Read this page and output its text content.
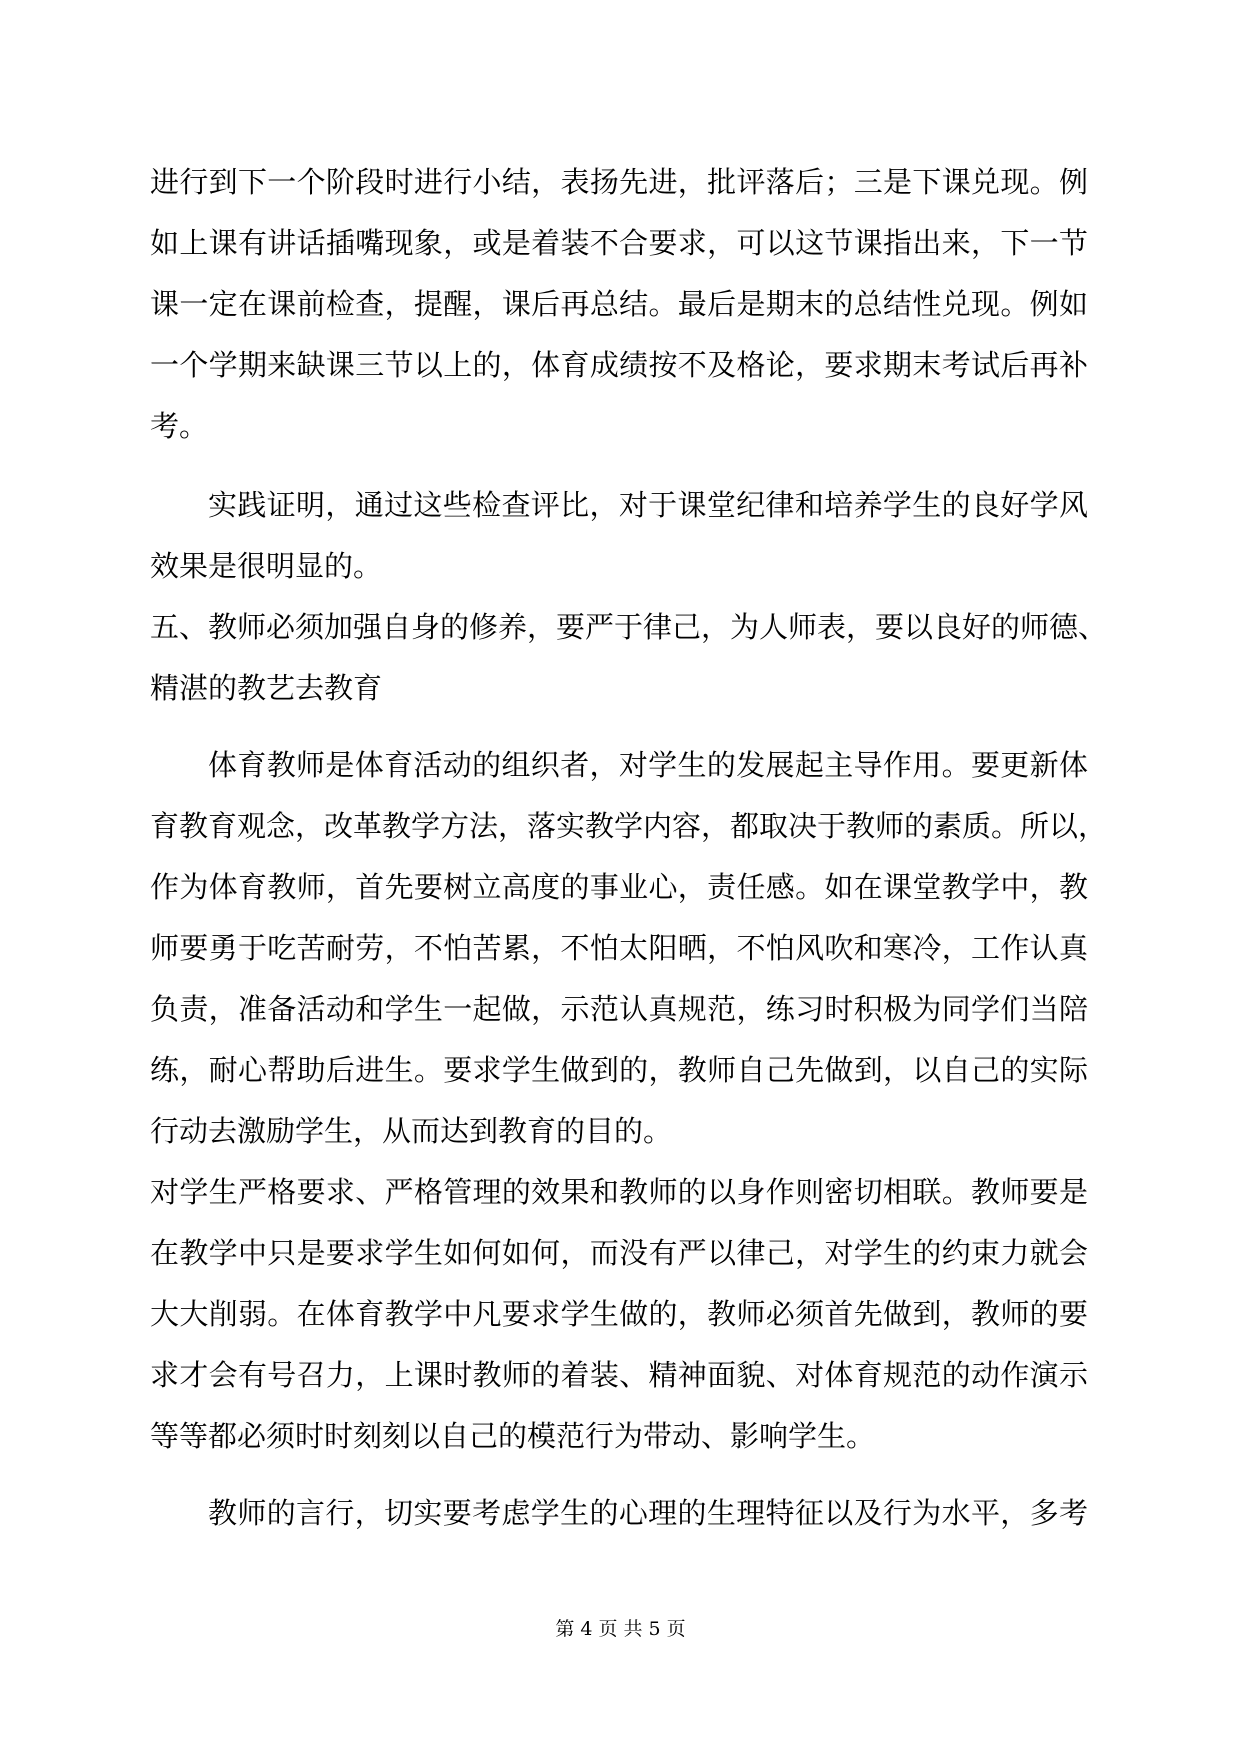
进行到下一个阶段时进行小结，表扬先进，批评落后；三是下课兑现。例
如上课有讲话插嘴现象，或是着装不合要求，可以这节课指出来，下一节
课一定在课前检查，提醒，课后再总结。最后是期末的总结性兑现。例如
一个学期来缺课三节以上的，体育成绩按不及格论，要求期末考试后再补
考。
实践证明，通过这些检查评比，对于课堂纪律和培养学生的良好学风
效果是很明显的。
五、教师必须加强自身的修养，要严于律己，为人师表，要以良好的师德、
精湛的教艺去教育
体育教师是体育活动的组织者，对学生的发展起主导作用。要更新体
育教育观念，改革教学方法，落实教学内容，都取决于教师的素质。所以，
作为体育教师，首先要树立高度的事业心，责任感。如在课堂教学中，教
师要勇于吃苦耐劳，不怕苦累，不怕太阳晒，不怕风吹和寒冷，工作认真
负责，准备活动和学生一起做，示范认真规范，练习时积极为同学们当陪
练，耐心帮助后进生。要求学生做到的，教师自己先做到，以自己的实际
行动去激励学生，从而达到教育的目的。
对学生严格要求、严格管理的效果和教师的以身作则密切相联。教师要是
在教学中只是要求学生如何如何，而没有严以律己，对学生的约束力就会
大大削弱。在体育教学中凡要求学生做的，教师必须首先做到，教师的要
求才会有号召力，上课时教师的着装、精神面貌、对体育规范的动作演示
等等都必须时时刻刻以自己的模范行为带动、影响学生。
教师的言行，切实要考虑学生的心理的生理特征以及行为水平，多考
第 4 页 共 5 页
